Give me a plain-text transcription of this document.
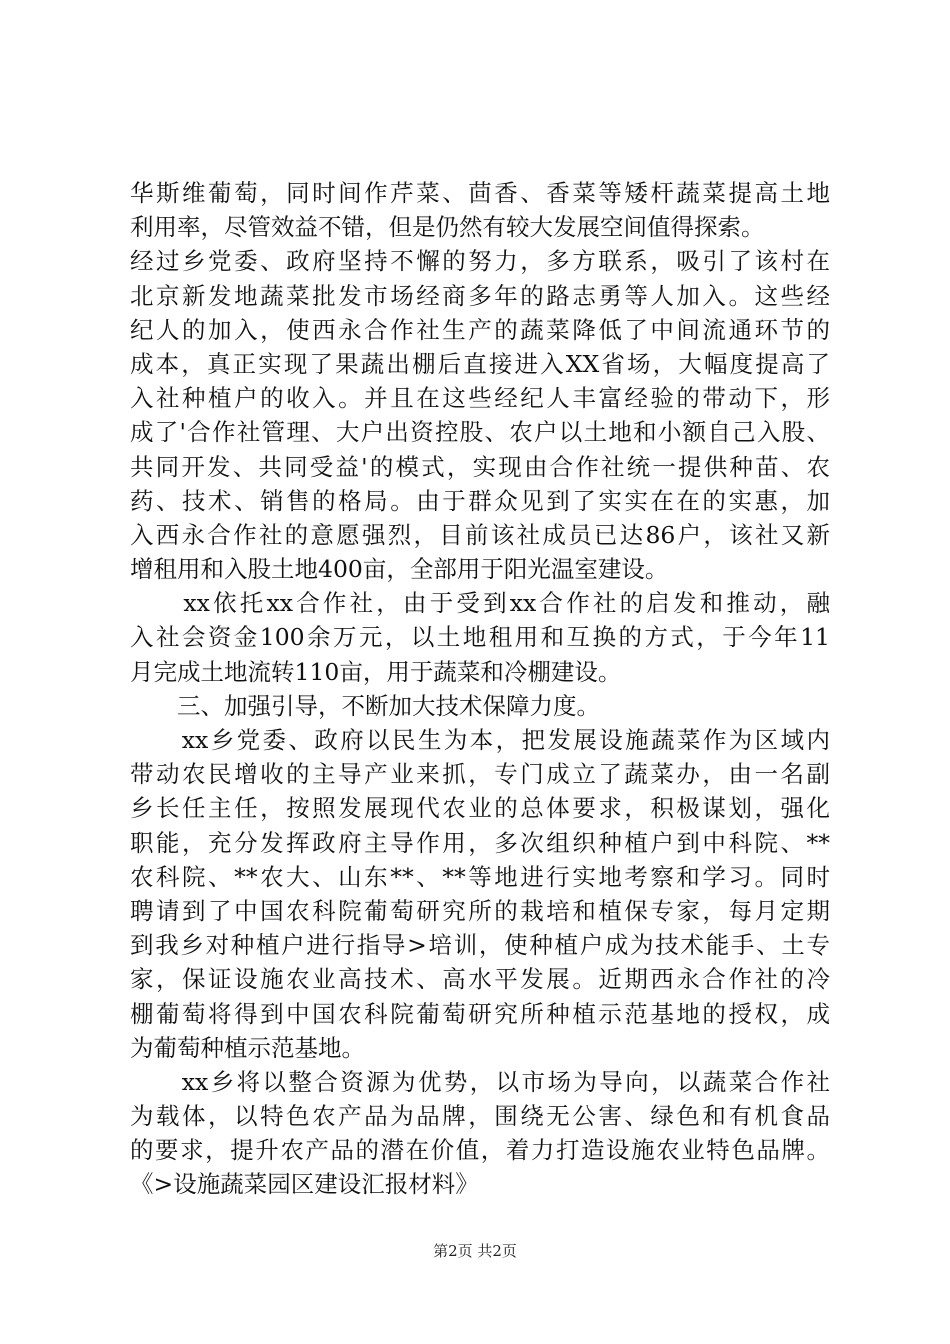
华斯维葡萄，同时间作芹菜、茴香、香菜等矮杆蔬菜提高土地
利用率，尽管效益不错，但是仍然有较大发展空间值得探索。
经过乡党委、政府坚持不懈的努力，多方联系，吸引了该村在
北京新发地蔬菜批发市场经商多年的路志勇等人加入。这些经
纪人的加入，使西永合作社生产的蔬菜降低了中间流通环节的
成本，真正实现了果蔬出棚后直接进入XX省场，大幅度提高了
入社种植户的收入。并且在这些经纪人丰富经验的带动下，形
成了'合作社管理、大户出资控股、农户以土地和小额自己入股、
共同开发、共同受益'的模式，实现由合作社统一提供种苗、农
药、技术、销售的格局。由于群众见到了实实在在的实惠，加
入西永合作社的意愿强烈，目前该社成员已达86户，该社又新
增租用和入股土地400亩，全部用于阳光温室建设。
　　xx依托xx合作社，由于受到xx合作社的启发和推动，融
入社会资金100余万元，以土地租用和互换的方式，于今年11
月完成土地流转110亩，用于蔬菜和冷棚建设。
　　三、加强引导，不断加大技术保障力度。
　　xx乡党委、政府以民生为本，把发展设施蔬菜作为区域内
带动农民增收的主导产业来抓，专门成立了蔬菜办，由一名副
乡长任主任，按照发展现代农业的总体要求，积极谋划，强化
职能，充分发挥政府主导作用，多次组织种植户到中科院、**
农科院、**农大、山东**、**等地进行实地考察和学习。同时
聘请到了中国农科院葡萄研究所的栽培和植保专家，每月定期
到我乡对种植户进行指导>培训，使种植户成为技术能手、土专
家，保证设施农业高技术、高水平发展。近期西永合作社的冷
棚葡萄将得到中国农科院葡萄研究所种植示范基地的授权，成
为葡萄种植示范基地。
　　xx乡将以整合资源为优势，以市场为导向，以蔬菜合作社
为载体，以特色农产品为品牌，围绕无公害、绿色和有机食品
的要求，提升农产品的潜在价值，着力打造设施农业特色品牌。
《>设施蔬菜园区建设汇报材料》
第2页 共2页
